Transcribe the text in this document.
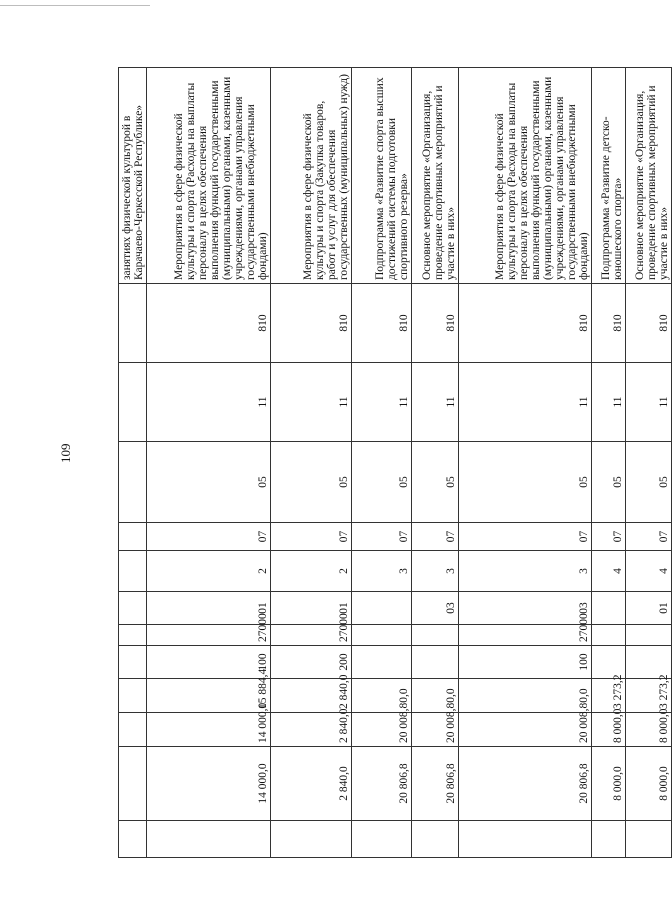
109
												занятиях физической культурой в Карачаево-Черкесской Республике»
	14 000,0	14 000,0	15 884,4	100	27000	01	2	07	05	11	810	Мероприятия в сфере физической культуры и спорта (Расходы на выплаты персоналу в целях обеспечения выполнения функций государственными (муниципальными) органами, казенными учреждениями, органами управления государственными внебюджетными фондами)
	2 840,0	2 840,0	2 840,0	200	27000	01	2	07	05	11	810	Мероприятия в сфере физической культуры и спорта (Закупка товаров, работ и услуг для обеспечения государственных (муниципальных) нужд)
	20 806,8	20 008,8	0,0				3	07	05	11	810	Подпрограмма «Развитие спорта высших достижений системы подготовки спортивного резерва»
	20 806,8	20 008,8	0,0			03	3	07	05	11	810	Основное мероприятие «Организация, проведение спортивных мероприятий и участие в них»
	20 806,8	20 008,8	0,0	100	27000	03	3	07	05	11	810	Мероприятия в сфере физической культуры и спорта (Расходы на выплаты персоналу в целях обеспечения выполнения функций государственными (муниципальными) органами, казенными учреждениями, органами управления государственными внебюджетными фондами)
	8 000,0	8 000,0	3 273,2				4	07	05	11	810	Подпрограмма «Развитие детско-юношеского спорта»
	8 000,0	8 000,0	3 273,2			01	4	07	05	11	810	Основное мероприятие «Организация, проведение спортивных мероприятий и участие в них»
